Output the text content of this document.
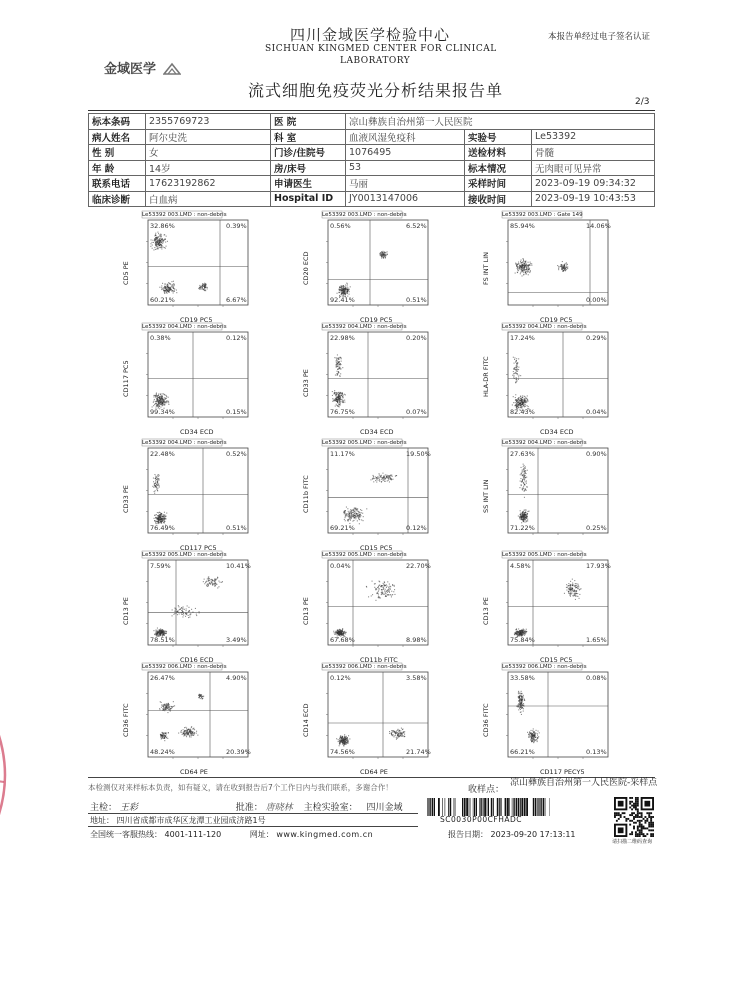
四川金域医学检验中心
SICHUAN KINGMED CENTER FOR CLINICAL
LABORATORY
本报告单经过电子签名认证
金域医学
流式细胞免疫荧光分析结果报告单
2/3
标本条码	2355769723	医 院	凉山彝族自治州第一人民医院		
病人姓名	阿尔史洗	科 室	血液风湿免疫科	实验号	Le53392
性 别	女	门诊/住院号	1076495	送检材料	骨髓
年 龄	14岁	房/床号	53	标本情况	无肉眼可见异常
联系电话	17623192862	申请医生	马丽	采样时间	2023-09-19 09:34:32
临床诊断	白血病	Hospital ID	JY0013147006	接收时间	2023-09-19 10:43:53
Le53392 003.LMD : non-debris
CD19 PC5
CD5 PE
32.86%	0.39%
60.21%	6.67%
Le53392 003.LMD : non-debris
CD19 PC5
CD20 ECD
0.56%	6.52%
92.41%	0.51%
Le53392 003.LMD : Gate 149
CD19 PC5
FS INT LIN
85.94%	14.06%
0.00%
Le53392 004.LMD : non-debris
CD34 ECD
CD117 PC5
0.38%	0.12%
99.34%	0.15%
Le53392 004.LMD : non-debris
CD34 ECD
CD33 PE
22.98%	0.20%
76.75%	0.07%
Le53392 004.LMD : non-debris
CD34 ECD
HLA-DR FITC
17.24%	0.29%
82.43%	0.04%
Le53392 004.LMD : non-debris
CD117 PC5
CD33 PE
22.48%	0.52%
76.49%	0.51%
Le53392 005.LMD : non-debris
CD15 PC5
CD11b FITC
11.17%	19.50%
69.21%	0.12%
Le53392 004.LMD : non-debris
SS INT LIN
27.63%	0.90%
71.22%	0.25%
Le53392 005.LMD : non-debris
CD16 ECD
CD13 PE
7.59%	10.41%
78.51%	3.49%
Le53392 005.LMD : non-debris
CD11b FITC
CD13 PE
0.04%	22.70%
67.68%	8.98%
Le53392 005.LMD : non-debris
CD15 PC5
CD13 PE
4.58%	17.93%
75.84%	1.65%
Le53392 006.LMD : non-debris
CD64 PE
CD36 FITC
26.47%	4.90%
48.24%	20.39%
Le53392 006.LMD : non-debris
CD64 PE
CD14 ECD
0.12%	3.58%
74.56%	21.74%
Le53392 006.LMD : non-debris
CD117 PECY5
CD36 FITC
33.58%	0.08%
66.21%	0.13%
本检测仅对来样标本负责，如有疑义，请在收到报告后7个工作日内与我们联系，多谢合作！	收样点：
凉山彝族自治州第一人民医院-采样点
主检： 王彩	批准： 唐晓林 主检实验室： 四川金域
地址： 四川省成都市成华区龙潭工业园成济路1号
全国统一客服热线： 4001-111-120	网址： www.kingmed.com.cn	报告日期： 2023-09-20 17:13:11
SC0030P00CFHADC
请扫描二维码查询
